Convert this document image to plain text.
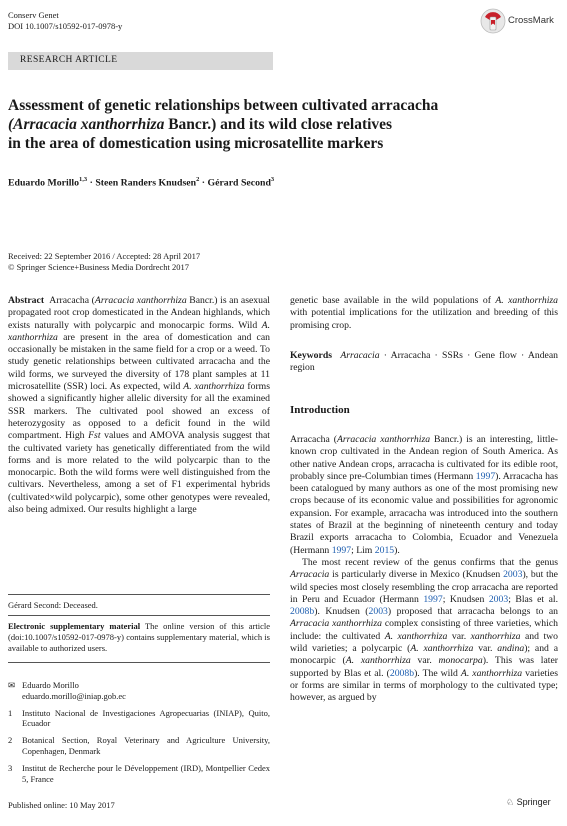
Conserv Genet
DOI 10.1007/s10592-017-0978-y	CrossMark
RESEARCH ARTICLE
Assessment of genetic relationships between cultivated arracacha
(Arracacia xanthorrhiza Bancr.) and its wild close relatives
in the area of domestication using microsatellite markers
Eduardo Morillo$^{1,3}$ · Steen Randers Knudsen$^2$ · Gérard Second$^3$
Received: 22 September 2016 / Accepted: 28 April 2017
© Springer Science+Business Media Dordrecht 2017

Abstract Arracacha (Arracacia xanthorrhiza Bancr.) is an asexual propagated root crop domesticated in the Andean highlands, which exists naturally with polycarpic and monocarpic forms. Wild A. xanthorrhiza are present in the area of domestication and can occasionally be mistaken in the same field for a crop or a weed. To study genetic relationships between cultivated arracacha and the wild forms, we surveyed the diversity of 178 plant samples at 11 microsatellite (SSR) loci. As expected, wild A. xanthorrhiza forms showed a significantly higher allelic diversity for all the examined SSR markers. The cultivated pool showed an excess of heterozygosity as opposed to a deficit found in the wild compartment. High Fst values and AMOVA analysis suggest that the cultivated variety has genetically differentiated from the wild forms and is more related to the wild polycarpic than to the monocarpic. Both the wild forms were well distinguished from the cultivars. Nevertheless, among a set of F1 experimental hybrids (cultivated×wild polycarpic), some other genotypes were revealed, also being admixed. Our results highlight a large

genetic base available in the wild populations of A. xanthorrhiza with potential implications for the utilization and breeding of this promising crop.

Keywords Arracacia · Arracacha · SSRs · Gene flow · Andean region

Introduction

Arracacha (Arracacia xanthorrhiza Bancr.) is an interesting, little-known crop cultivated in the Andean region of South America. As other native Andean crops, arracacha is cultivated for its edible root, probably since pre-Columbian times (Hermann 1997). Arracacha has been catalogued by many authors as one of the most promising new crops because of its economic value and possibilities for agronomic expansion. For example, arracacha was introduced into the southern states of Brazil at the beginning of nineteenth century and today Brazil exports arracacha to Colombia, Ecuador and Venezuela (Hermann 1997; Lim 2015).

The most recent review of the genus confirms that the genus Arracacia is particularly diverse in Mexico (Knudsen 2003), but the wild species most closely resembling the crop arracacha are reported in Peru and Ecuador (Hermann 1997; Knudsen 2003; Blas et al. 2008b). Knudsen (2003) proposed that arracacha belongs to an Arracacia xanthorrhiza complex consisting of three varieties, which include: the cultivated A. xanthorrhiza var. xanthorrhiza and two wild varieties; a polycarpic (A. xanthorrhiza var. andina); and a monocarpic (A. xanthorrhiza var. monocarpa). This was later supported by Blas et al. (2008b). The wild A. xanthorrhiza varieties or forms are similar in terms of morphology to the cultivated type; however, as argued by

Gérard Second: Deceased.

Electronic supplementary material The online version of this article (doi:10.1007/s10592-017-0978-y) contains supplementary material, which is available to authorized users.

✉ Eduardo Morillo
eduardo.morillo@iniap.gob.ec
1 Instituto Nacional de Investigaciones Agropecuarias (INIAP), Quito, Ecuador
2 Botanical Section, Royal Veterinary and Agriculture University, Copenhagen, Denmark
3 Institut de Recherche pour le Développement (IRD), Montpellier Cedex 5, France
Published online: 10 May 2017	♘ Springer
